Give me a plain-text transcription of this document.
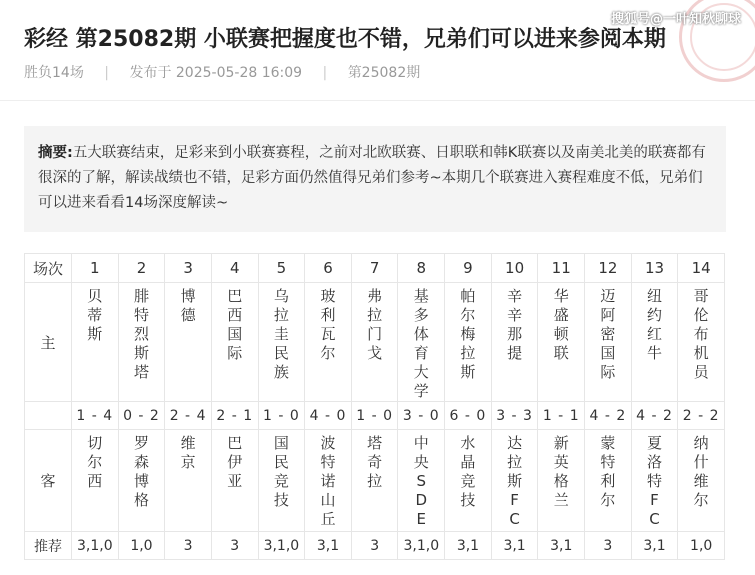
搜狐号@一叶知秋聊球
彩经 第25082期 小联赛把握度也不错，兄弟们可以进来参阅本期
胜负14场 | 发布于 2025-05-28 16:09 | 第25082期
摘要:五大联赛结束，足彩来到小联赛赛程，之前对北欧联赛、日职联和韩K联赛以及南美北美的联赛都有很深的了解，解读战绩也不错，足彩方面仍然值得兄弟们参考~本期几个联赛进入赛程难度不低，兄弟们可以进来看看14场深度解读~
场次	1	2	3	4	5	6	7	8	9	10	11	12	13	14
主	贝蒂斯	腓特烈斯塔	博德	巴西国际	乌拉圭民族	玻利瓦尔	弗拉门戈	基多体育大学	帕尔梅拉斯	辛辛那提	华盛顿联	迈阿密国际	纽约红牛	哥伦布机员

	1 - 4	0 - 2	2 - 4	2 - 1	1 - 0	4 - 0	1 - 0	3 - 0	6 - 0	3 - 3	1 - 1	4 - 2	4 - 2	2 - 2
客	切尔西	罗森博格	维京	巴伊亚	国民竞技	波特诺山丘	塔奇拉	中央SDE	水晶竞技	达拉斯FC	新英格兰	蒙特利尔	夏洛特FC	纳什维尔

推荐	3,1,0	1,0	3	3	3,1,0	3,1	3	3,1,0	3,1	3,1	3,1	3	3,1	1,0
